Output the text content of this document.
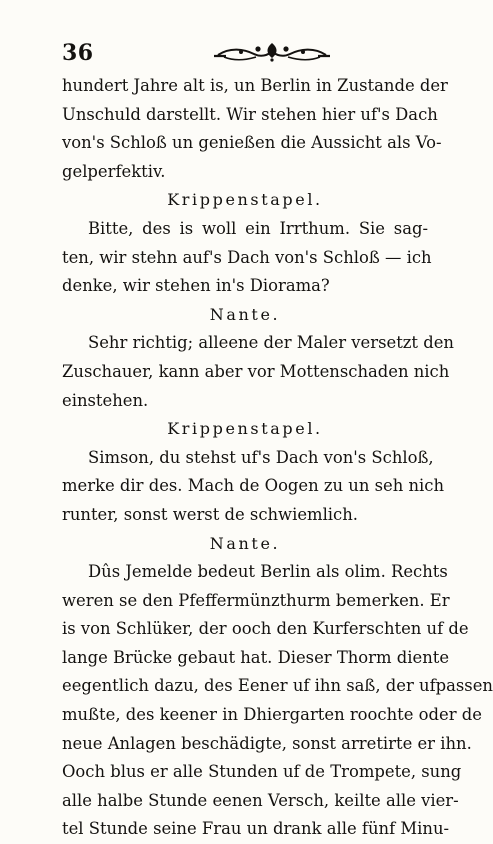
36
hundert Jahre alt is, un Berlin in Zustande der
Unschuld darstellt. Wir stehen hier uf's Dach
von's Schloß un genießen die Aussicht als Vo-
gelperfektiv.
Krippenstapel.
Bitte, des is woll ein Irrthum. Sie sag-
ten, wir stehn auf's Dach von's Schloß — ich
denke, wir stehen in's Diorama?
Nante.
Sehr richtig; alleene der Maler versetzt den
Zuschauer, kann aber vor Mottenschaden nich
einstehen.
Krippenstapel.
Simson, du stehst uf's Dach von's Schloß,
merke dir des. Mach de Oogen zu un seh nich
runter, sonst werst de schwiemlich.
Nante.
Dûs Jemelde bedeut Berlin als olim. Rechts
weren se den Pfeffermünzthurm bemerken. Er
is von Schlüker, der ooch den Kurferschten uf de
lange Brücke gebaut hat. Dieser Thorm diente
eegentlich dazu, des Eener uf ihn saß, der ufpassen
mußte, des keener in Dhiergarten roochte oder de
neue Anlagen beschädigte, sonst arretirte er ihn.
Ooch blus er alle Stunden uf de Trompete, sung
alle halbe Stunde eenen Versch, keilte alle vier-
tel Stunde seine Frau un drank alle fünf Minu-
